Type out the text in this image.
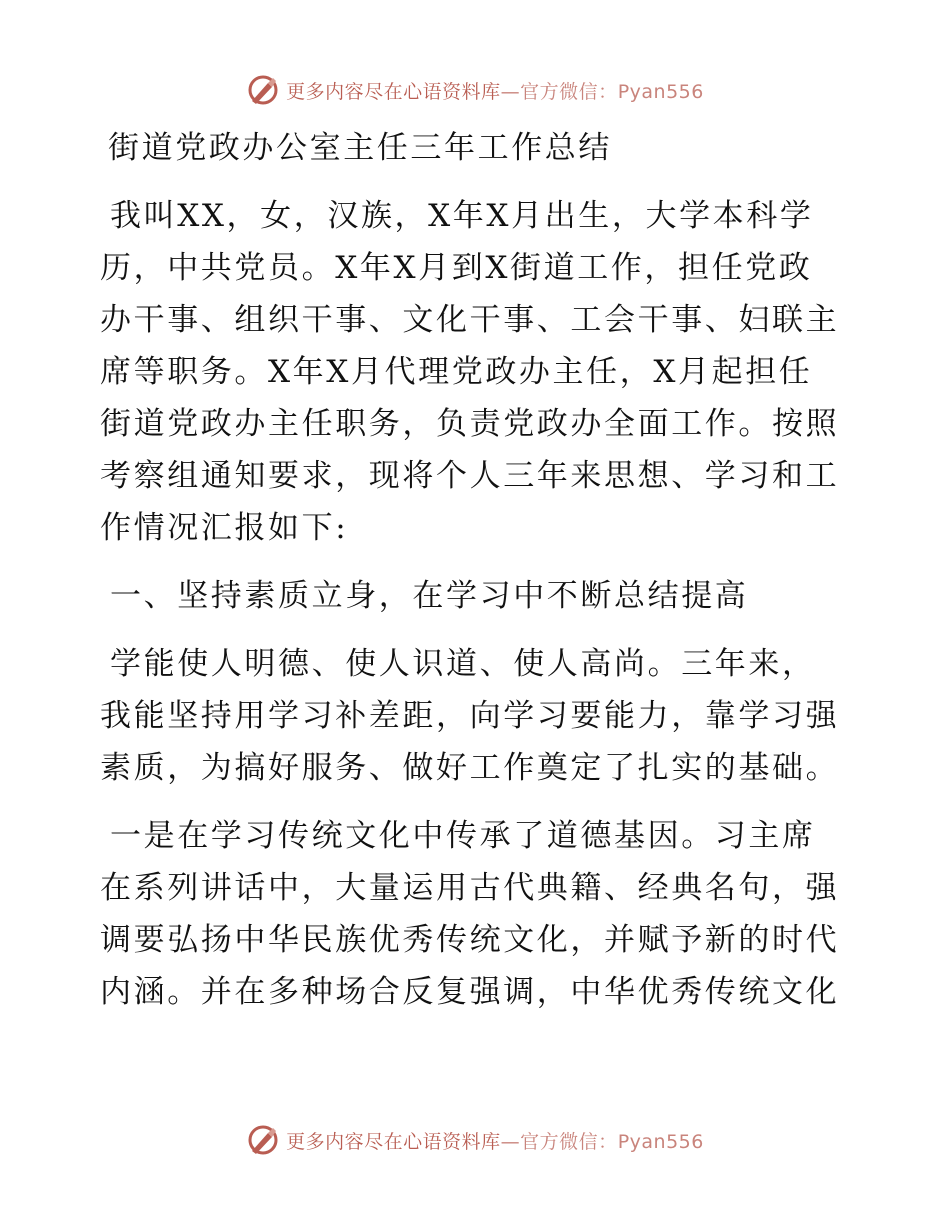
更多内容尽在心语资料库—官方微信：Pyan556
街道党政办公室主任三年工作总结
我叫XX，女，汉族，X年X月出生，大学本科学
历，中共党员。X年X月到X街道工作，担任党政
办干事、组织干事、文化干事、工会干事、妇联主
席等职务。X年X月代理党政办主任，X月起担任
街道党政办主任职务，负责党政办全面工作。按照
考察组通知要求，现将个人三年来思想、学习和工
作情况汇报如下:
一、坚持素质立身，在学习中不断总结提高
学能使人明德、使人识道、使人高尚。三年来，
我能坚持用学习补差距，向学习要能力，靠学习强
素质，为搞好服务、做好工作奠定了扎实的基础。
一是在学习传统文化中传承了道德基因。习主席
在系列讲话中，大量运用古代典籍、经典名句，强
调要弘扬中华民族优秀传统文化，并赋予新的时代
内涵。并在多种场合反复强调，中华优秀传统文化
更多内容尽在心语资料库—官方微信：Pyan556
